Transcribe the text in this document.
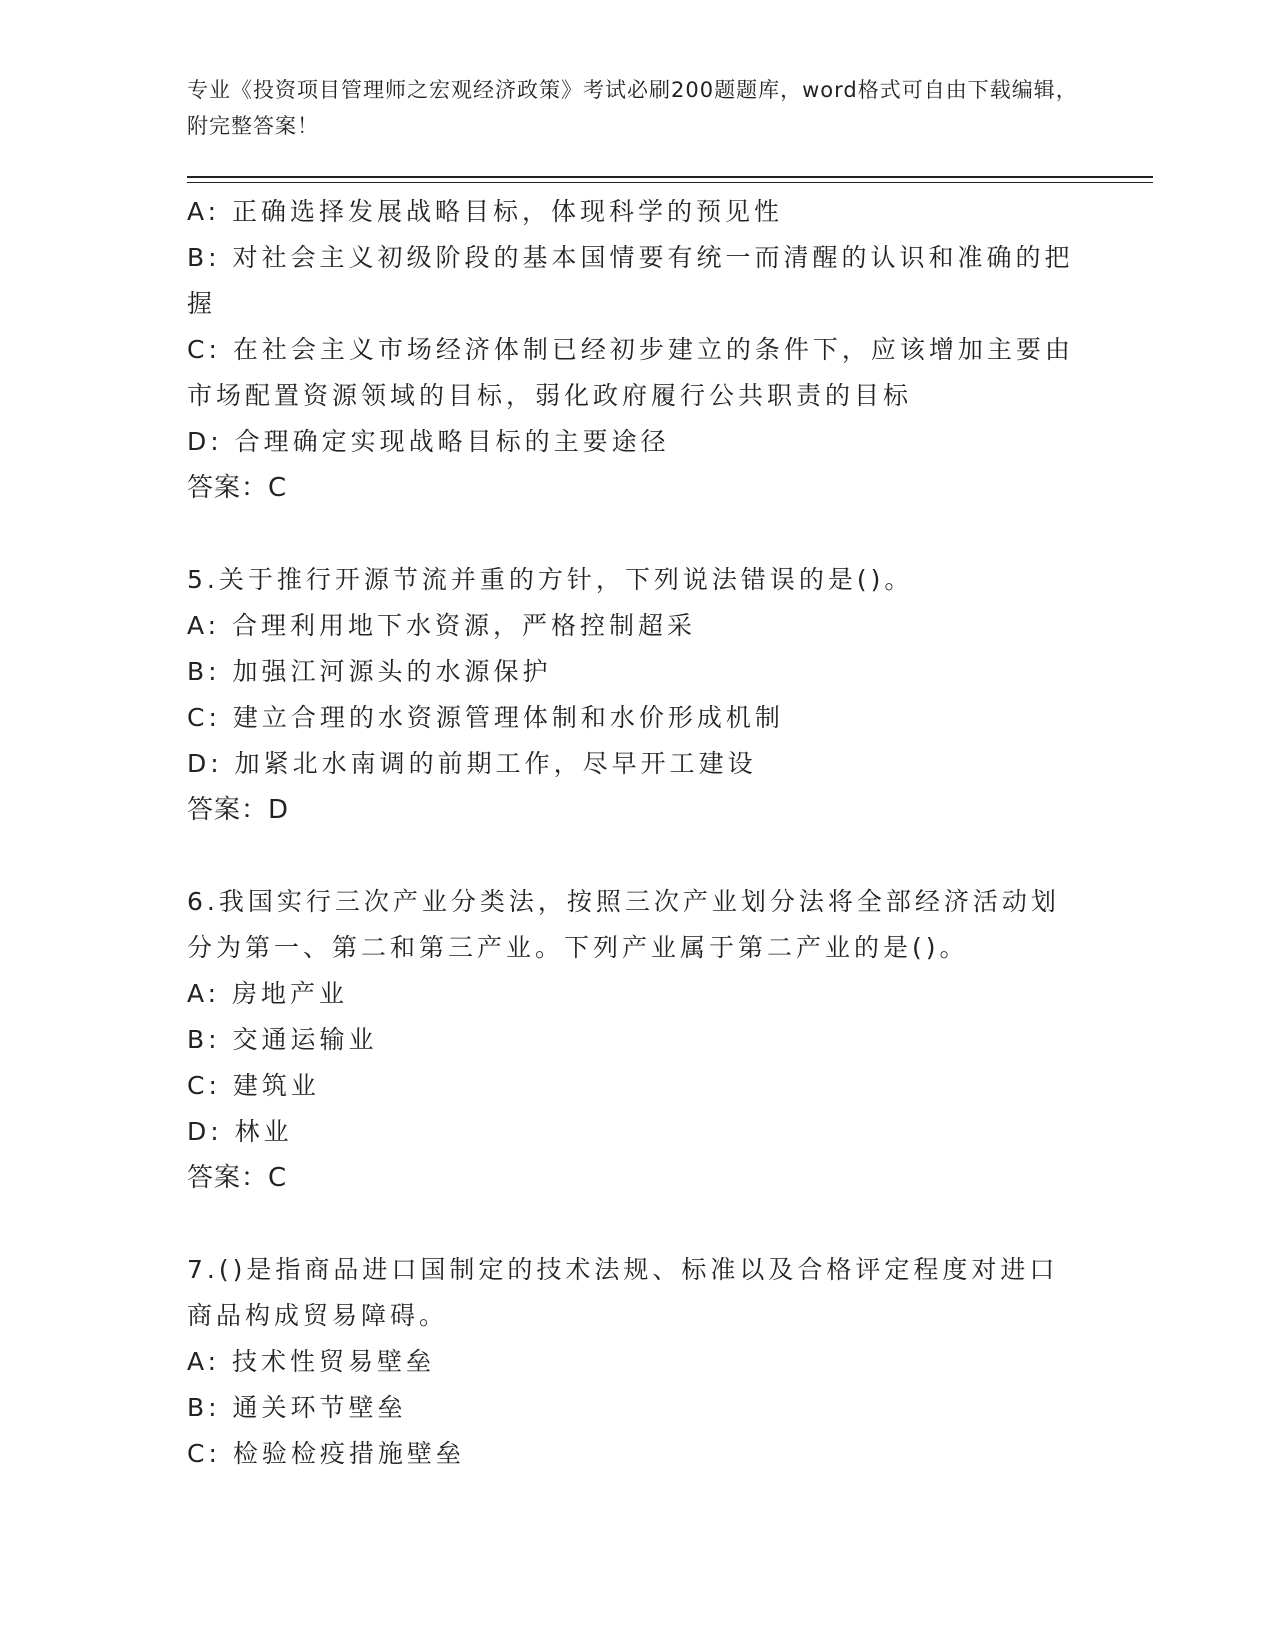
专业《投资项目管理师之宏观经济政策》考试必刷200题题库，word格式可自由下载编辑，附完整答案！
A: 正确选择发展战略目标，体现科学的预见性
B: 对社会主义初级阶段的基本国情要有统一而清醒的认识和准确的把
握
C: 在社会主义市场经济体制已经初步建立的条件下，应该增加主要由
市场配置资源领域的目标，弱化政府履行公共职责的目标
D: 合理确定实现战略目标的主要途径
答案：C
5.关于推行开源节流并重的方针，下列说法错误的是()。
A: 合理利用地下水资源，严格控制超采
B: 加强江河源头的水源保护
C: 建立合理的水资源管理体制和水价形成机制
D: 加紧北水南调的前期工作，尽早开工建设
答案：D
6.我国实行三次产业分类法，按照三次产业划分法将全部经济活动划
分为第一、第二和第三产业。下列产业属于第二产业的是()。
A: 房地产业
B: 交通运输业
C: 建筑业
D: 林业
答案：C
7.()是指商品进口国制定的技术法规、标准以及合格评定程度对进口
商品构成贸易障碍。
A: 技术性贸易壁垒
B: 通关环节壁垒
C: 检验检疫措施壁垒
